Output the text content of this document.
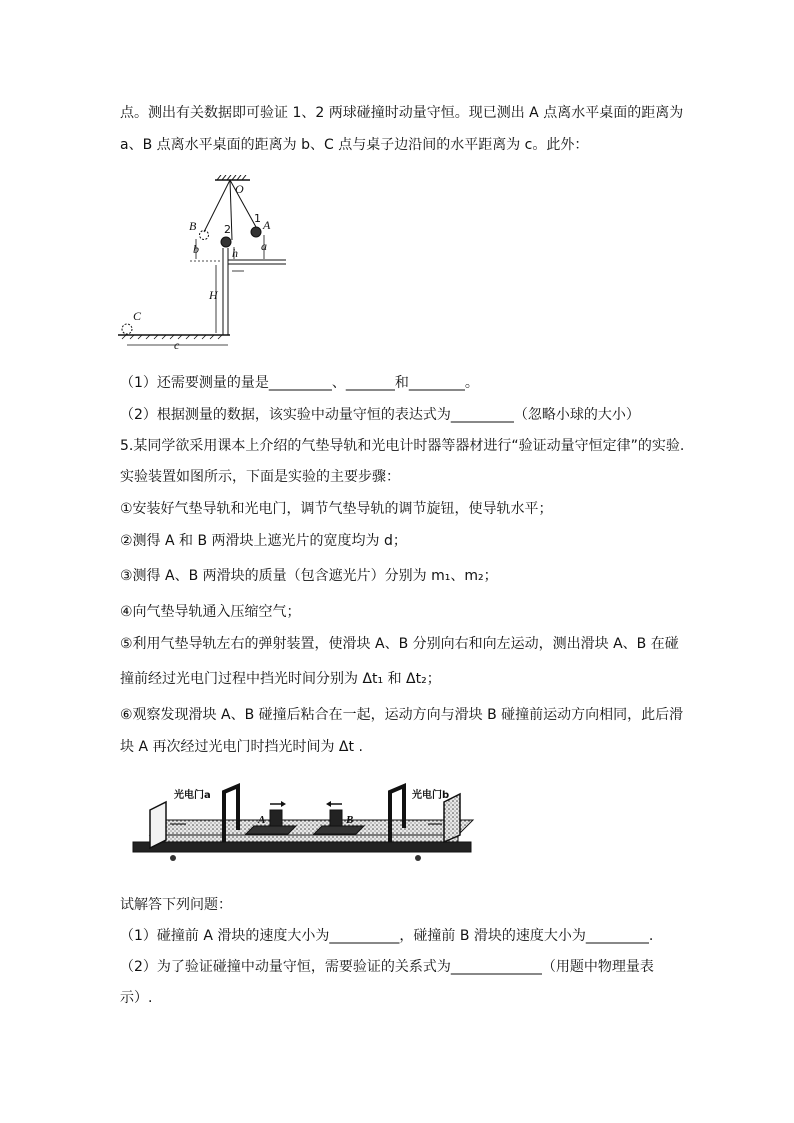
点。测出有关数据即可验证 1、2 两球碰撞时动量守恒。现已测出 A 点离水平桌面的距离为
a、B 点离水平桌面的距离为 b、C 点与桌子边沿间的水平距离为 c。此外：
O
B
1 A
2
a
h
b
H
C
c
（1）还需要测量的量是_________、_______和________。
（2）根据测量的数据，该实验中动量守恒的表达式为_________（忽略小球的大小）
5.某同学欲采用课本上介绍的气垫导轨和光电计时器等器材进行“验证动量守恒定律”的实验.
实验装置如图所示，下面是实验的主要步骤：
①安装好气垫导轨和光电门，调节气垫导轨的调节旋钮，使导轨水平；
②测得 A 和 B 两滑块上遮光片的宽度均为 d；
③测得 A、B 两滑块的质量（包含遮光片）分别为 m₁、m₂；
④向气垫导轨通入压缩空气；
⑤利用气垫导轨左右的弹射装置，使滑块 A、B 分别向右和向左运动，测出滑块 A、B 在碰
撞前经过光电门过程中挡光时间分别为 Δt₁ 和 Δt₂；
⑥观察发现滑块 A、B 碰撞后粘合在一起，运动方向与滑块 B 碰撞前运动方向相同，此后滑
块 A 再次经过光电门时挡光时间为 Δt .
光电门a	光电门b
A	B
试解答下列问题：
（1）碰撞前 A 滑块的速度大小为__________，碰撞前 B 滑块的速度大小为_________.
（2）为了验证碰撞中动量守恒，需要验证的关系式为_____________（用题中物理量表
示）.
